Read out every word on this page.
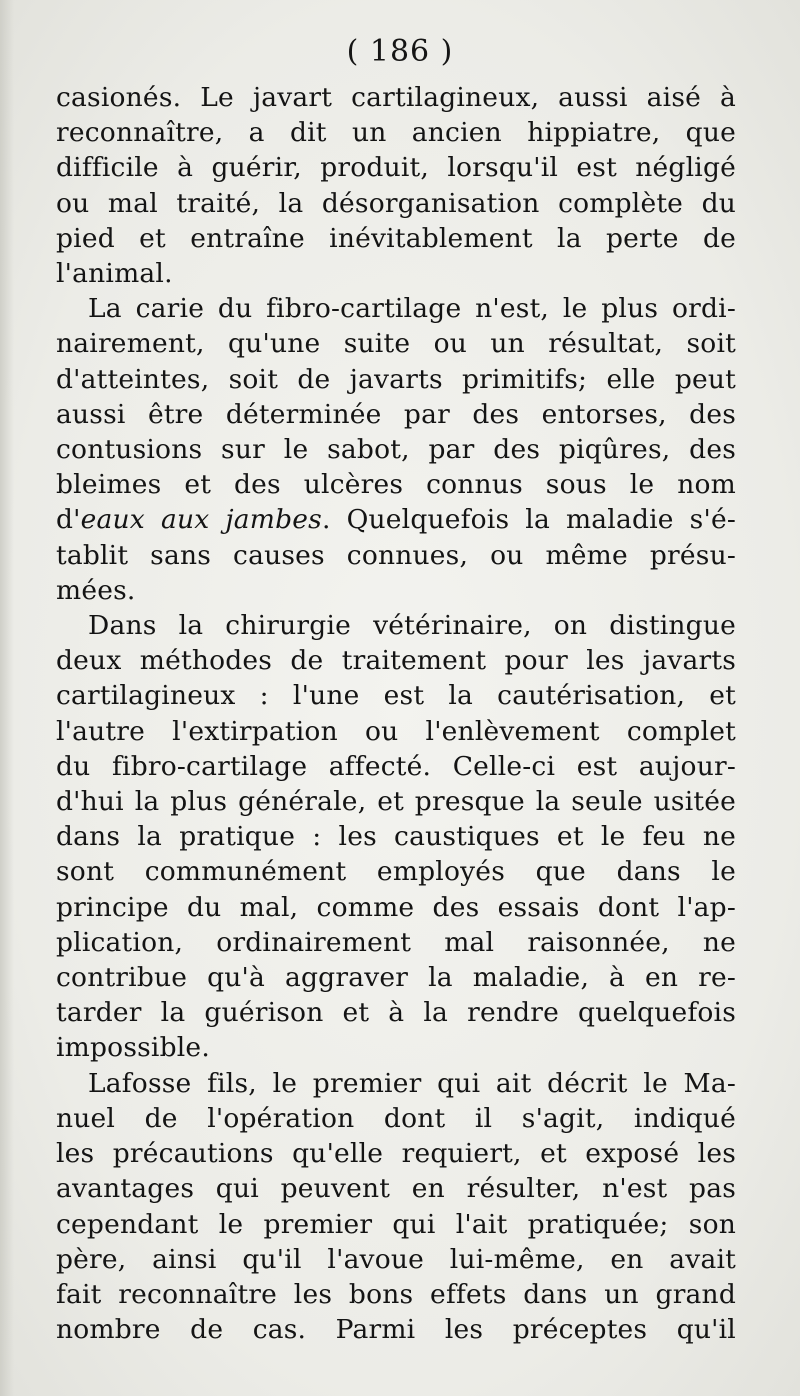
( 186 )

casionés. Le javart cartilagineux, aussi aisé à
reconnaître, a dit un ancien hippiatre, que
difficile à guérir, produit, lorsqu'il est négligé
ou mal traité, la désorganisation complète du
pied et entraîne inévitablement la perte de
l'animal.

La carie du fibro-cartilage n'est, le plus ordi-
nairement, qu'une suite ou un résultat, soit
d'atteintes, soit de javarts primitifs; elle peut
aussi être déterminée par des entorses, des
contusions sur le sabot, par des piqûres, des
bleimes et des ulcères connus sous le nom
d'eaux aux jambes. Quelquefois la maladie s'é-
tablit sans causes connues, ou même présu-
mées.

Dans la chirurgie vétérinaire, on distingue
deux méthodes de traitement pour les javarts
cartilagineux : l'une est la cautérisation, et
l'autre l'extirpation ou l'enlèvement complet
du fibro-cartilage affecté. Celle-ci est aujour-
d'hui la plus générale, et presque la seule usitée
dans la pratique : les caustiques et le feu ne
sont communément employés que dans le
principe du mal, comme des essais dont l'ap-
plication, ordinairement mal raisonnée, ne
contribue qu'à aggraver la maladie, à en re-
tarder la guérison et à la rendre quelquefois
impossible.

Lafosse fils, le premier qui ait décrit le Ma-
nuel de l'opération dont il s'agit, indiqué
les précautions qu'elle requiert, et exposé les
avantages qui peuvent en résulter, n'est pas
cependant le premier qui l'ait pratiquée; son
père, ainsi qu'il l'avoue lui-même, en avait
fait reconnaître les bons effets dans un grand
nombre de cas. Parmi les préceptes qu'il
